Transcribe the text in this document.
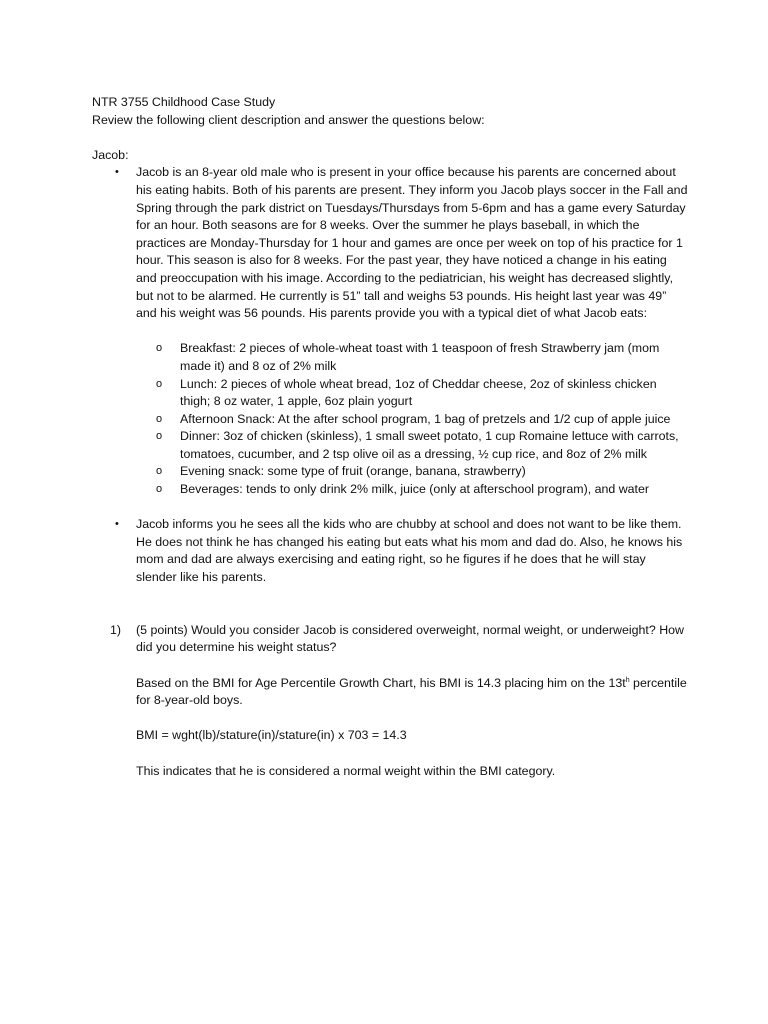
NTR 3755 Childhood Case Study

Review the following client description and answer the questions below:

Jacob:

• Jacob is an 8-year old male who is present in your office because his parents are concerned about his eating habits. Both of his parents are present. They inform you Jacob plays soccer in the Fall and Spring through the park district on Tuesdays/Thursdays from 5-6pm and has a game every Saturday for an hour. Both seasons are for 8 weeks. Over the summer he plays baseball, in which the practices are Monday-Thursday for 1 hour and games are once per week on top of his practice for 1 hour. This season is also for 8 weeks. For the past year, they have noticed a change in his eating and preoccupation with his image. According to the pediatrician, his weight has decreased slightly, but not to be alarmed. He currently is 51” tall and weighs 53 pounds. His height last year was 49” and his weight was 56 pounds. His parents provide you with a typical diet of what Jacob eats:

o Breakfast: 2 pieces of whole-wheat toast with 1 teaspoon of fresh Strawberry jam (mom made it) and 8 oz of 2% milk
o Lunch: 2 pieces of whole wheat bread, 1oz of Cheddar cheese, 2oz of skinless chicken thigh; 8 oz water, 1 apple, 6oz plain yogurt
o Afternoon Snack: At the after school program, 1 bag of pretzels and 1/2 cup of apple juice
o Dinner: 3oz of chicken (skinless), 1 small sweet potato, 1 cup Romaine lettuce with carrots, tomatoes, cucumber, and 2 tsp olive oil as a dressing, ½ cup rice, and 8oz of 2% milk
o Evening snack: some type of fruit (orange, banana, strawberry)
o Beverages: tends to only drink 2% milk, juice (only at afterschool program), and water
• Jacob informs you he sees all the kids who are chubby at school and does not want to be like them. He does not think he has changed his eating but eats what his mom and dad do. Also, he knows his mom and dad are always exercising and eating right, so he figures if he does that he will stay slender like his parents.

1) (5 points) Would you consider Jacob is considered overweight, normal weight, or underweight? How did you determine his weight status?

Based on the BMI for Age Percentile Growth Chart, his BMI is 14.3 placing him on the $13t^h$ percentile for 8-year-old boys.

BMI = wght(lb)/stature(in)/stature(in) x 703 = 14.3

This indicates that he is considered a normal weight within the BMI category.
